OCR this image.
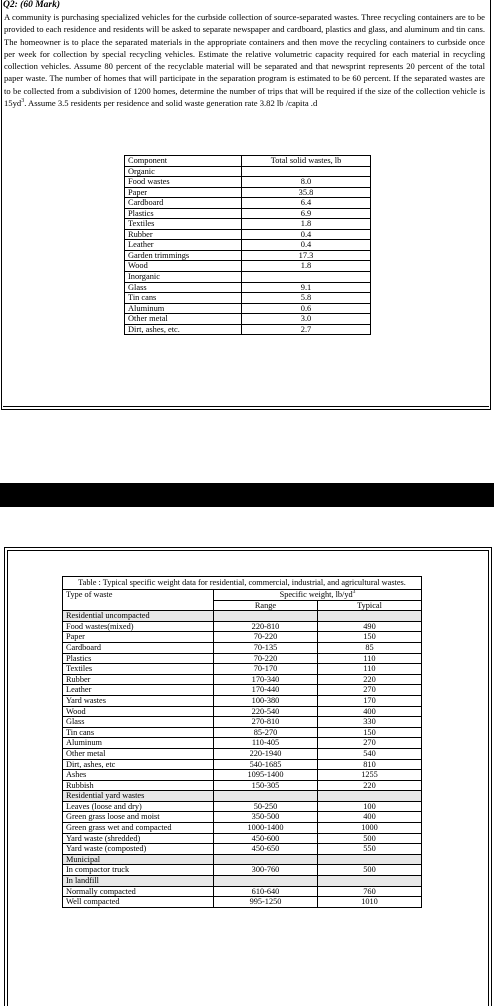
Q2: (60 Mark)
A community is purchasing specialized vehicles for the curbside collection of source-separated wastes. Three recycling containers are to be provided to each residence and residents will be asked to separate newspaper and cardboard, plastics and glass, and aluminum and tin cans. The homeowner is to place the separated materials in the appropriate containers and then move the recycling containers to curbside once per week for collection by special recycling vehicles. Estimate the relative volumetric capacity required for each material in recycling collection vehicles. Assume 80 percent of the recyclable material will be separated and that newsprint represents 20 percent of the total paper waste. The number of homes that will participate in the separation program is estimated to be 60 percent. If the separated wastes are to be collected from a subdivision of 1200 homes, determine the number of trips that will be required if the size of the collection vehicle is $15yd^3$. Assume 3.5 residents per residence and solid waste generation rate 3.82 lb /capita .d
Component	Total solid wastes, lb
Organic	
Food wastes	8.0
Paper	35.8
Cardboard	6.4
Plastics	6.9
Textiles	1.8
Rubber	0.4
Leather	0.4
Garden trimmings	17.3
Wood	1.8
Inorganic	
Glass	9.1
Tin cans	5.8
Aluminum	0.6
Other metal	3.0
Dirt, ashes, etc.	2.7
Table : Typical specific weight data for residential, commercial, industrial, and agricultural wastes.		
Type of waste	Specific weight, $lb/yd^3$
	Range	Typical
Residential uncompacted		
Food wastes(mixed)	220-810	490
Paper	70-220	150
Cardboard	70-135	85
Plastics	70-220	110
Textiles	70-170	110
Rubber	170-340	220
Leather	170-440	270
Yard wastes	100-380	170
Wood	220-540	400
Glass	270-810	330
Tin cans	85-270	150
Aluminum	110-405	270
Other metal	220-1940	540
Dirt, ashes, etc	540-1685	810
Ashes	1095-1400	1255
Rubbish	150-305	220
Residential yard wastes		
Leaves (loose and dry)	50-250	100
Green grass loose and moist	350-500	400
Green grass wet and compacted	1000-1400	1000
Yard waste (shredded)	450-600	500
Yard waste (composted)	450-650	550
Municipal		
In compactor truck	300-760	500
In landfill		
Normally compacted	610-640	760
Well compacted	995-1250	1010
